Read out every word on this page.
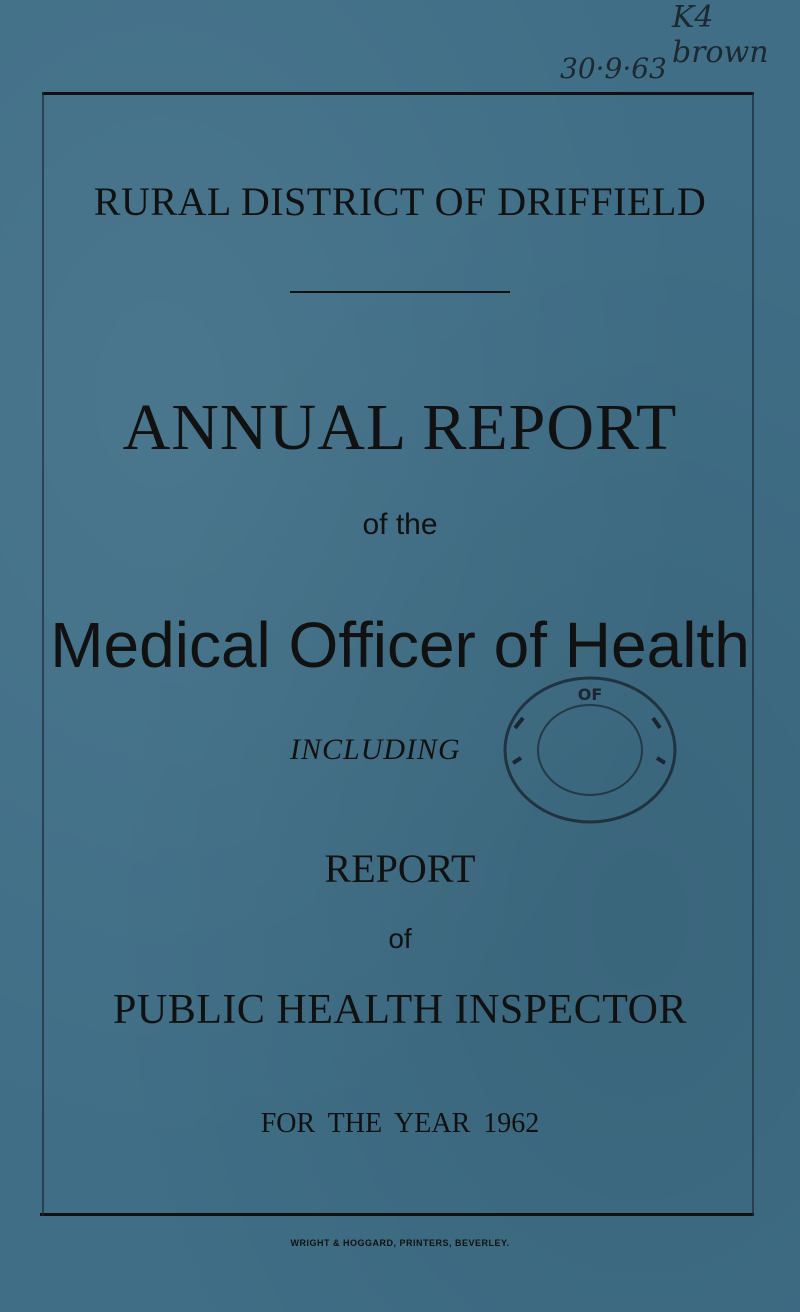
K4 brown
30·9·63
RURAL DISTRICT OF DRIFFIELD
ANNUAL REPORT
of the
Medical Officer of Health
INCLUDING
OF
REPORT
of
PUBLIC HEALTH INSPECTOR
FOR THE YEAR 1962
WRIGHT & HOGGARD, PRINTERS, BEVERLEY.
